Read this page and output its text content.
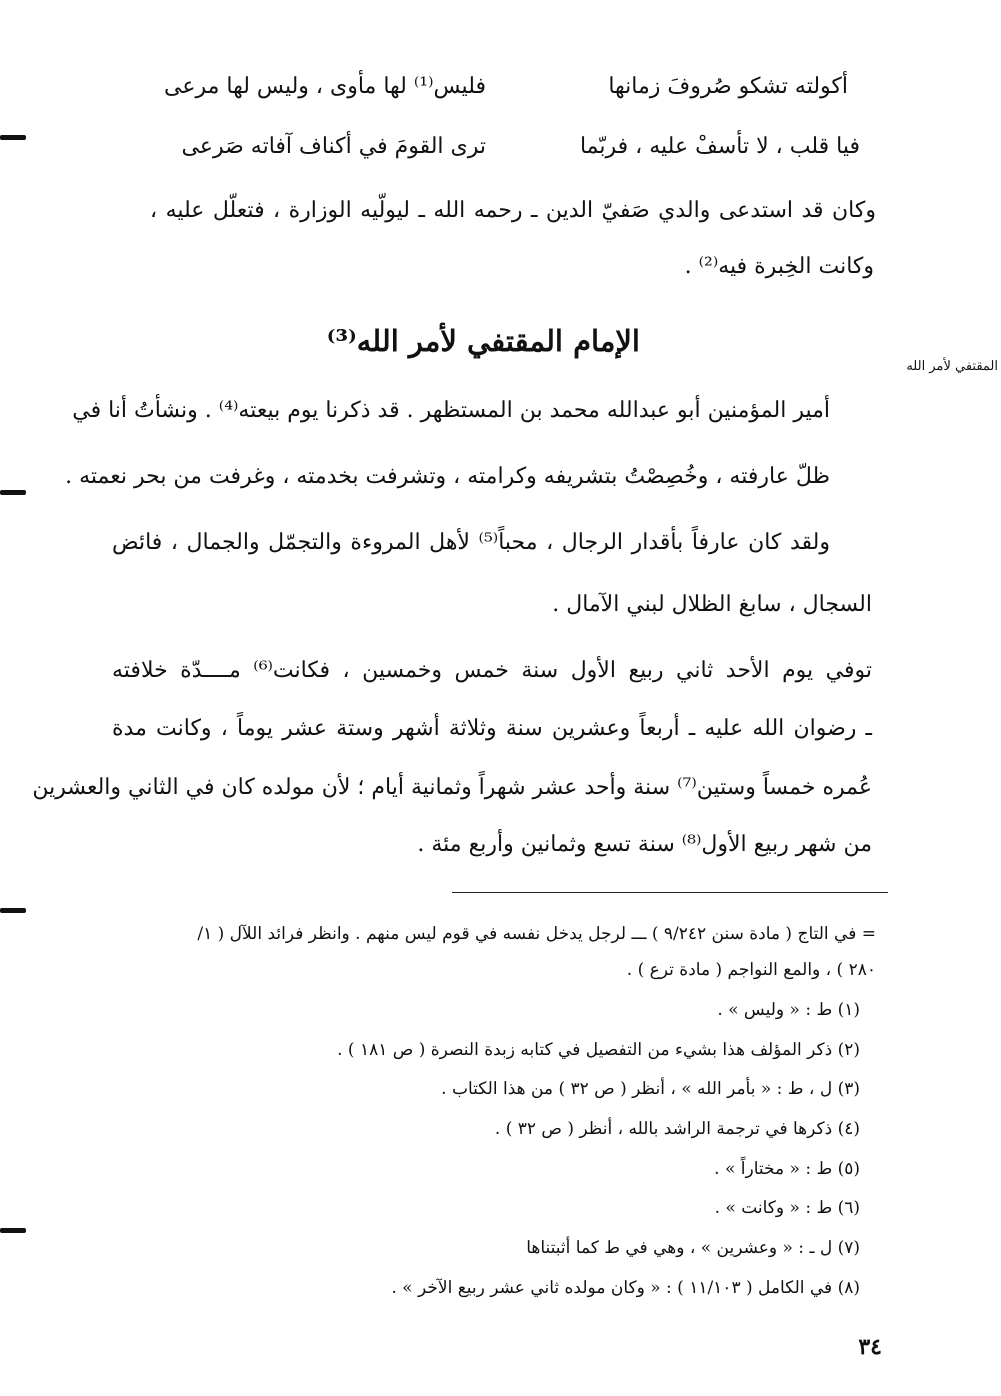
أكولته تشكو صُروفَ زمانها
فليس⁽¹⁾ لها مأوى ، وليس لها مرعى
فيا قلب ، لا تأسفْ عليه ، فربّما
ترى القومَ في أكناف آفاته صَرعى
وكان قد استدعى والدي صَفيّ الدين ـ رحمه الله ـ ليولّيه الوزارة ، فتعلّل عليه ،
وكانت الخِبرة فيه⁽²⁾ .
الإمام المقتفي لأمر الله⁽³⁾
المقتفي لأمر الله
أمير المؤمنين أبو عبدالله محمد بن المستظهر . قد ذكرنا يوم بيعته⁽⁴⁾ . ونشأتُ أنا في
ظلّ عارفته ، وخُصِصْتُ بتشريفه وكرامته ، وتشرفت بخدمته ، وغرفت من بحر نعمته .
ولقد كان عارفاً بأقدار الرجال ، محباً⁽⁵⁾ لأهل المروءة والتجمّل والجمال ، فائض
السجال ، سابغ الظلال لبني الآمال .
توفي يوم الأحد ثاني ربيع الأول سنة خمس وخمسين ، فكانت⁽⁶⁾ مــــدّة خلافته
ـ رضوان الله عليه ـ أربعاً وعشرين سنة وثلاثة أشهر وستة عشر يوماً ، وكانت مدة
عُمره خمساً وستين⁽⁷⁾ سنة وأحد عشر شهراً وثمانية أيام ؛ لأن مولده كان في الثاني والعشرين
من شهر ربيع الأول⁽⁸⁾ سنة تسع وثمانين وأربع مئة .
= في التاج ( مادة سنن ٩/٢٤٢ ) ـــ لرجل يدخل نفسه في قوم ليس منهم . وانظر فرائد اللآل ( ١/
٢٨٠ ) ، والمع النواجم ( مادة ترع ) .
(١) ط : « وليس » .
(٢) ذكر المؤلف هذا بشيء من التفصيل في كتابه زبدة النصرة ( ص ١٨١ ) .
(٣) ل ، ط : « بأمر الله » ، أنظر ( ص ٣٢ ) من هذا الكتاب .
(٤) ذكرها في ترجمة الراشد بالله ، أنظر ( ص ٣٢ ) .
(٥) ط : « مختاراً » .
(٦) ط : « وكانت » .
(٧) ل ـ : « وعشرين » ، وهي في ط كما أثبتناها
(٨) في الكامل ( ١١/١٠٣ ) : « وكان مولده ثاني عشر ربيع الآخر » .
٣٤
